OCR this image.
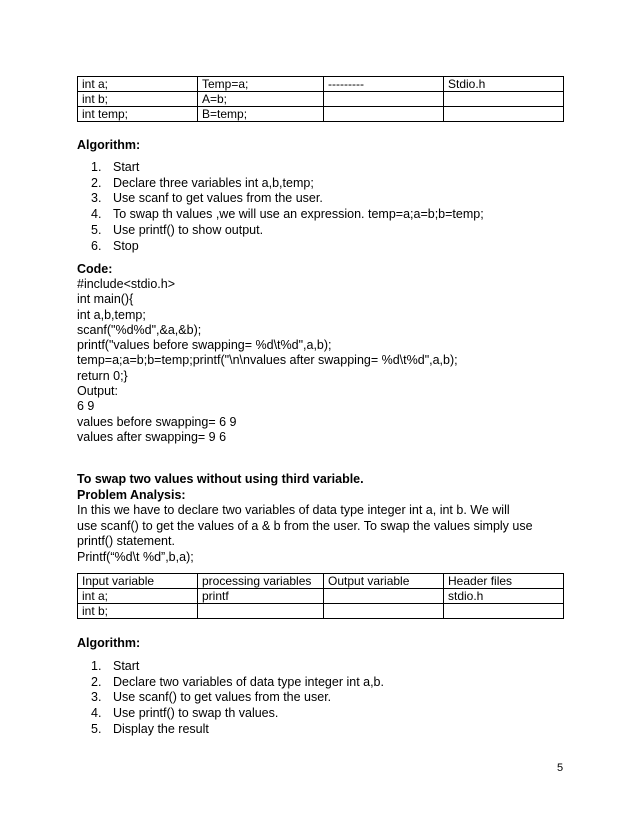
int a;	Temp=a;	---------	Stdio.h
int b;	A=b;		
int temp;	B=temp;		

Algorithm:

1. Start
2. Declare three variables int a,b,temp;
3. Use scanf to get values from the user.
4. To swap th values ,we will use an expression. temp=a;a=b;b=temp;
5. Use printf() to show output.
6. Stop

Code:

#include<stdio.h>
int main(){
int a,b,temp;
scanf("%d%d",&a,&b);
printf("values before swapping= %d\t%d",a,b);
temp=a;a=b;b=temp;printf("\n\nvalues after swapping= %d\t%d",a,b);
return 0;}
Output:
6 9
values before swapping= 6 9
values after swapping= 9 6

To swap two values without using third variable.

Problem Analysis:

In this we have to declare two variables of data type integer int a, int b. We will
use scanf() to get the values of a & b from the user. To swap the values simply use
printf() statement.
Printf(“%d\t %d”,b,a);
Input variable	processing variables	Output variable	Header files
int a;	printf		stdio.h
int b;			

Algorithm:

1. Start
2. Declare two variables of data type integer int a,b.
3. Use scanf() to get values from the user.
4. Use printf() to swap th values.
5. Display the result
5
